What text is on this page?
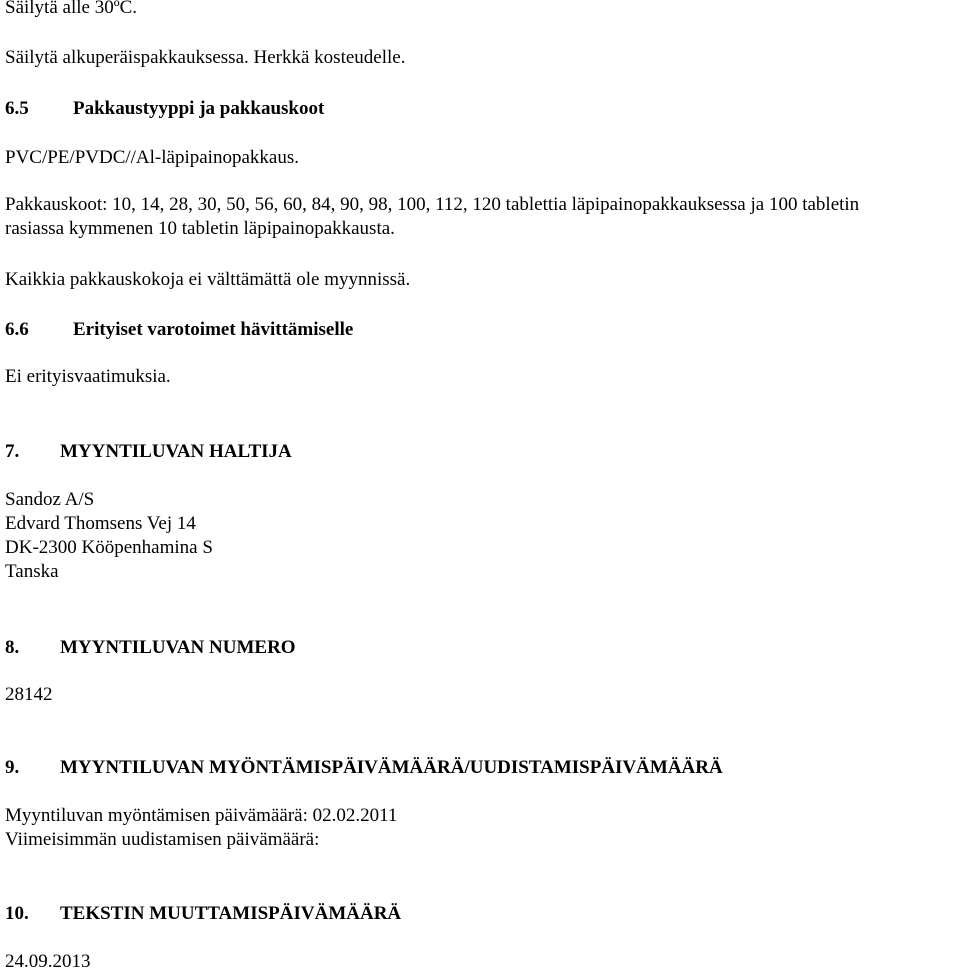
Säilytä alle 30ºC.

Säilytä alkuperäispakkauksessa. Herkkä kosteudelle.

6.5 Pakkaustyyppi ja pakkauskoot

PVC/PE/PVDC//Al-läpipainopakkaus.

Pakkauskoot: 10, 14, 28, 30, 50, 56, 60, 84, 90, 98, 100, 112, 120 tablettia läpipainopakkauksessa ja 100 tabletin

rasiassa kymmenen 10 tabletin läpipainopakkausta.

Kaikkia pakkauskokoja ei välttämättä ole myynnissä.

6.6 Erityiset varotoimet hävittämiselle

Ei erityisvaatimuksia.

7. MYYNTILUVAN HALTIJA

Sandoz A/S

Edvard Thomsens Vej 14

DK-2300 Kööpenhamina S

Tanska

8. MYYNTILUVAN NUMERO

28142

9. MYYNTILUVAN MYÖNTÄMISPÄIVÄMÄÄRÄ/UUDISTAMISPÄIVÄMÄÄRÄ

Myyntiluvan myöntämisen päivämäärä: 02.02.2011

Viimeisimmän uudistamisen päivämäärä:

10. TEKSTIN MUUTTAMISPÄIVÄMÄÄRÄ

24.09.2013
